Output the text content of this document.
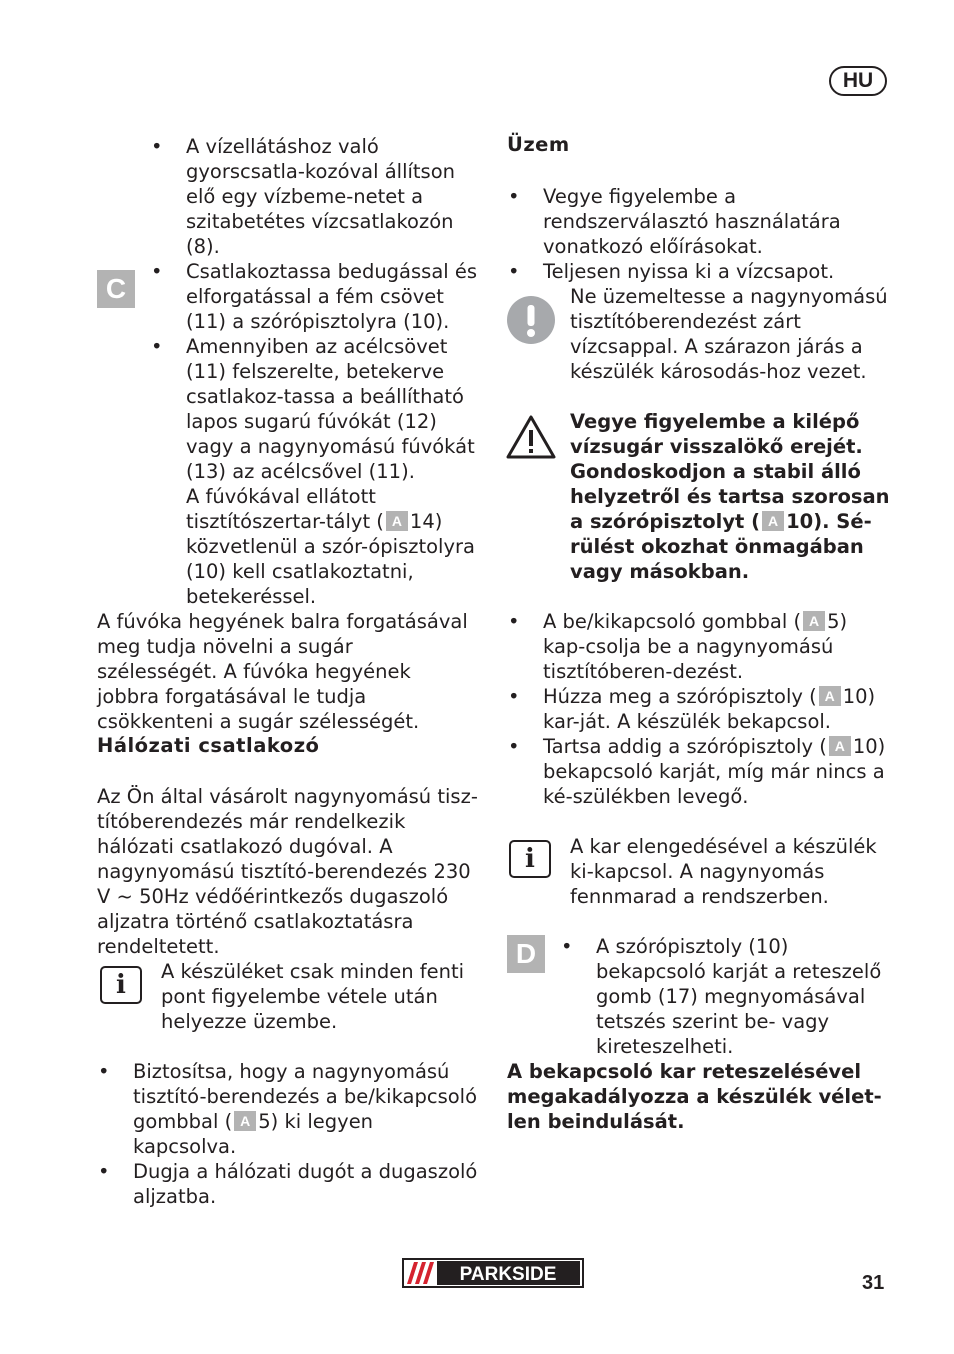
HU
• A vízellátáshoz való gyorscsatla-kozóval állítson elő egy vízbeme-netet a szitabetétes vízcsatlakozón (8).
C
• Csatlakoztassa bedugással és elforgatással a fém csövet (11) a szórópisztolyra (10).
• Amennyiben az acélcsövet (11) felszerelte, betekerve csatlakoz-tassa a beállítható lapos sugarú fúvókát (12) vagy a nagynyomású fúvókát (13) az acélcsővel (11).

A fúvókával ellátott tisztítószertar-tályt ( A 14) közvetlenül a szór-ópisztolyra (10) kell csatlakoztatni, betekeréssel.

A fúvóka hegyének balra forgatásával meg tudja növelni a sugár szélességét. A fúvóka hegyének jobbra forgatásával le tudja csökkenteni a sugár szélességét.

Hálózati csatlakozó

Az Ön által vásárolt nagynyomású tisz-títóberendezés már rendelkezik hálózati csatlakozó dugóval. A nagynyomású tisztító-berendezés 230 V ~ 50Hz védőérintkezős dugaszoló aljzatra történő csatlakoztatásra rendeltetett.

i	A készüléket csak minden fenti pont figyelembe vétele után helyezze üzembe.

• Biztosítsa, hogy a nagynyomású tisztító-berendezés a be/kikapcsoló gombbal ( A 5) ki legyen kapcsolva.
• Dugja a hálózati dugót a dugaszoló aljzatba.
Üzem
• Vegye figyelembe a rendszerválasztó használatára vonatkozó előírásokat.
• Teljesen nyissa ki a vízcsapot.

Ne üzemeltesse a nagynyomású tisztítóberendezést zárt vízcsappal. A szárazon járás a készülék károsodás-hoz vezet.

Vegye figyelembe a kilépő vízsugár visszalökő erejét. Gondoskodjon a stabil álló helyzetről és tartsa szorosan a szórópisztolyt ( A 10). Sé-rülést okozhat önmagában vagy másokban.

• A be/kikapcsoló gombbal ( A 5) kap-csolja be a nagynyomású tisztítóberen-dezést.
• Húzza meg a szórópisztoly ( A 10) kar-ját. A készülék bekapcsol.
• Tartsa addig a szórópisztoly ( A 10) bekapcsoló karját, míg már nincs a ké-szülékben levegő.
i	A kar elengedésével a készülék ki-kapcsol. A nagynyomás fennmarad a rendszerben.

D
•	A szórópisztoly (10) bekapcsoló karját a reteszelő gomb (17) megnyomásával tetszés szerint be- vagy kireteszelheti.

A bekapcsoló kar reteszelésével megakadályozza a készülék vélet-len beindulását.

PARKSIDE	31
